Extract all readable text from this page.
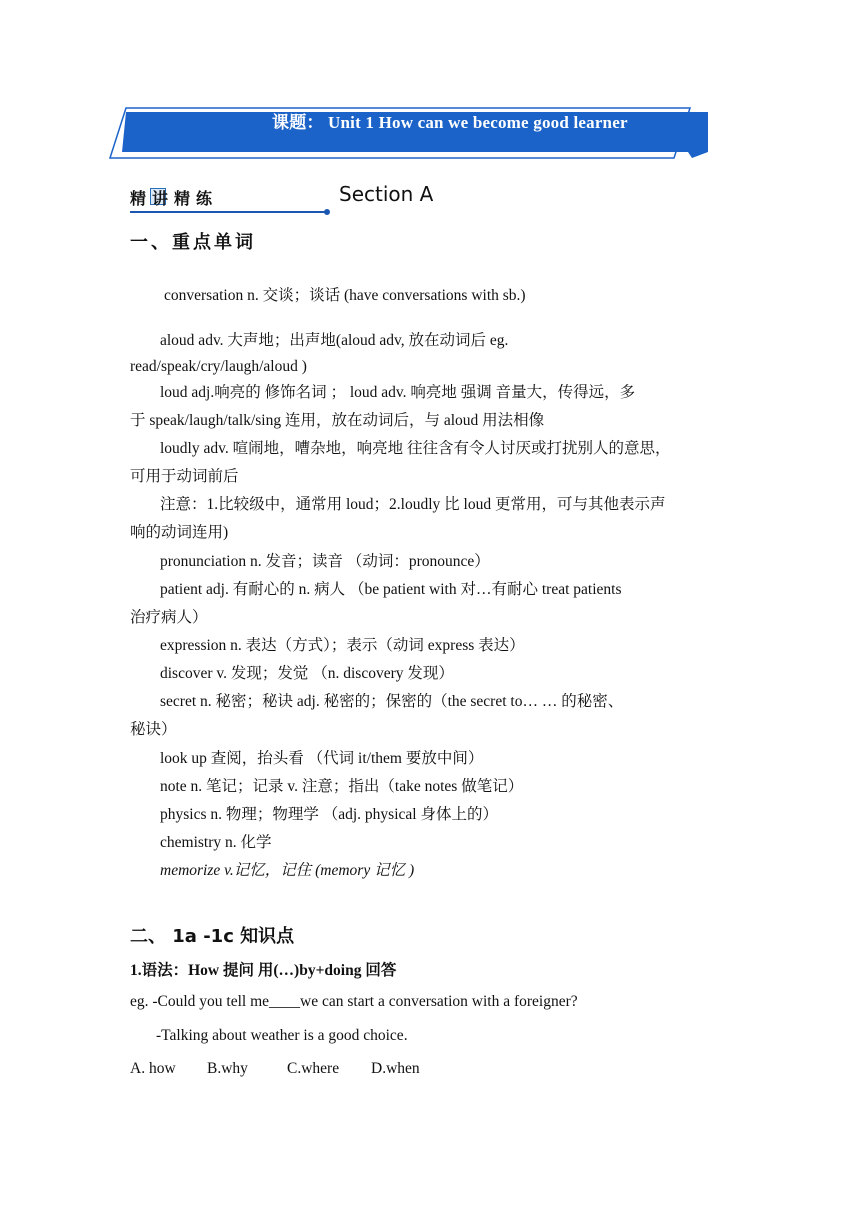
课题： Unit 1 How can we become good learner
精讲精练	Section A
一、重点单词
conversation n. 交谈；谈话 (have conversations with sb.)
aloud adv. 大声地；出声地(aloud adv, 放在动词后 eg.
read/speak/cry/laugh/aloud )
loud adj.响亮的 修饰名词 ； loud adv. 响亮地 强调 音量大，传得远，多
于 speak/laugh/talk/sing 连用，放在动词后，与 aloud 用法相像
loudly adv. 喧闹地，嘈杂地，响亮地 往往含有令人讨厌或打扰别人的意思，
可用于动词前后
注意：1.比较级中，通常用 loud；2.loudly 比 loud 更常用，可与其他表示声
响的动词连用)
pronunciation n. 发音；读音 （动词：pronounce）
patient adj. 有耐心的 n. 病人 （be patient with 对…有耐心 treat patients
治疗病人）
expression n. 表达（方式）；表示（动词 express 表达）
discover v. 发现；发觉 （n. discovery 发现）
secret n. 秘密；秘诀 adj. 秘密的；保密的（the secret to… … 的秘密、
秘诀）
look up 查阅，抬头看 （代词 it/them 要放中间）
note n. 笔记；记录 v. 注意；指出（take notes 做笔记）
physics n. 物理；物理学 （adj. physical 身体上的）
chemistry n. 化学
memorize v.记忆，记住 (memory 记忆 )
二、 1a -1c 知识点
1.语法：How 提问 用(…)by+doing 回答
eg. -Could you tell me____we can start a conversation with a foreigner?
-Talking about weather is a good choice.
A. how B.why	C.where D.when
